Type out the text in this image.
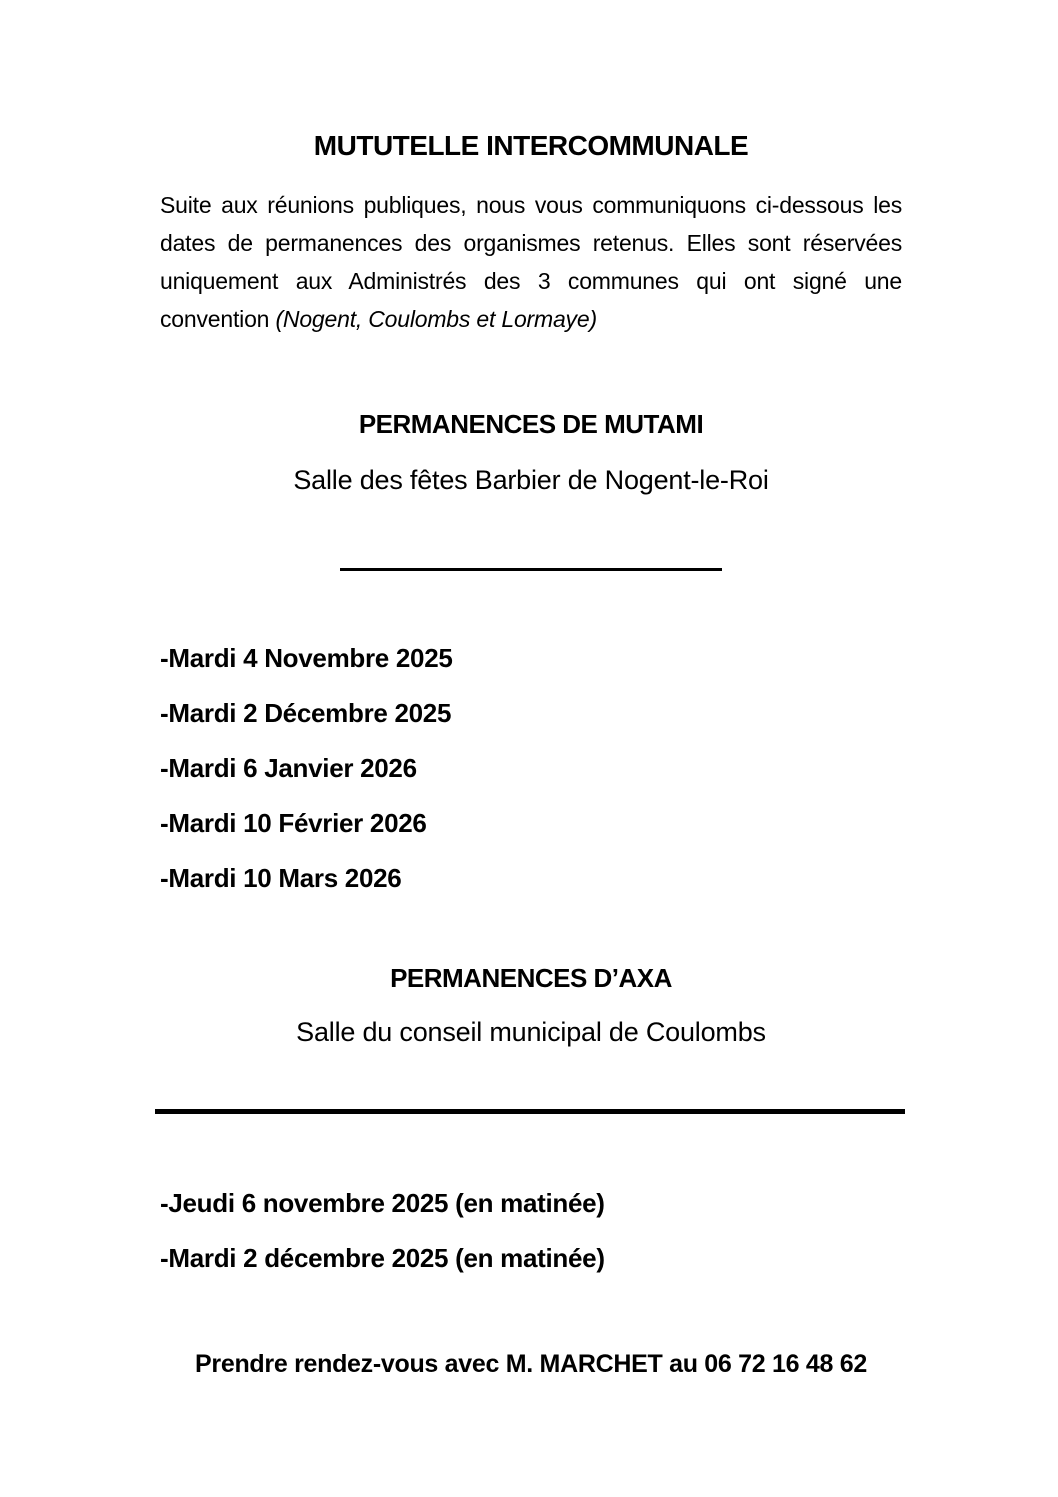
MUTUTELLE INTERCOMMUNALE

Suite aux réunions publiques, nous vous communiquons ci-dessous les dates de permanences des organismes retenus. Elles sont réservées uniquement aux Administrés des 3 communes qui ont signé une convention (Nogent, Coulombs et Lormaye)

PERMANENCES DE MUTAMI
Salle des fêtes Barbier de Nogent-le-Roi
-Mardi 4 Novembre 2025
-Mardi 2 Décembre 2025
-Mardi 6 Janvier 2026
-Mardi 10 Février 2026
-Mardi 10 Mars 2026
PERMANENCES D’AXA
Salle du conseil municipal de Coulombs
-Jeudi 6 novembre 2025 (en matinée)
-Mardi 2 décembre 2025 (en matinée)

Prendre rendez-vous avec M. MARCHET au 06 72 16 48 62
